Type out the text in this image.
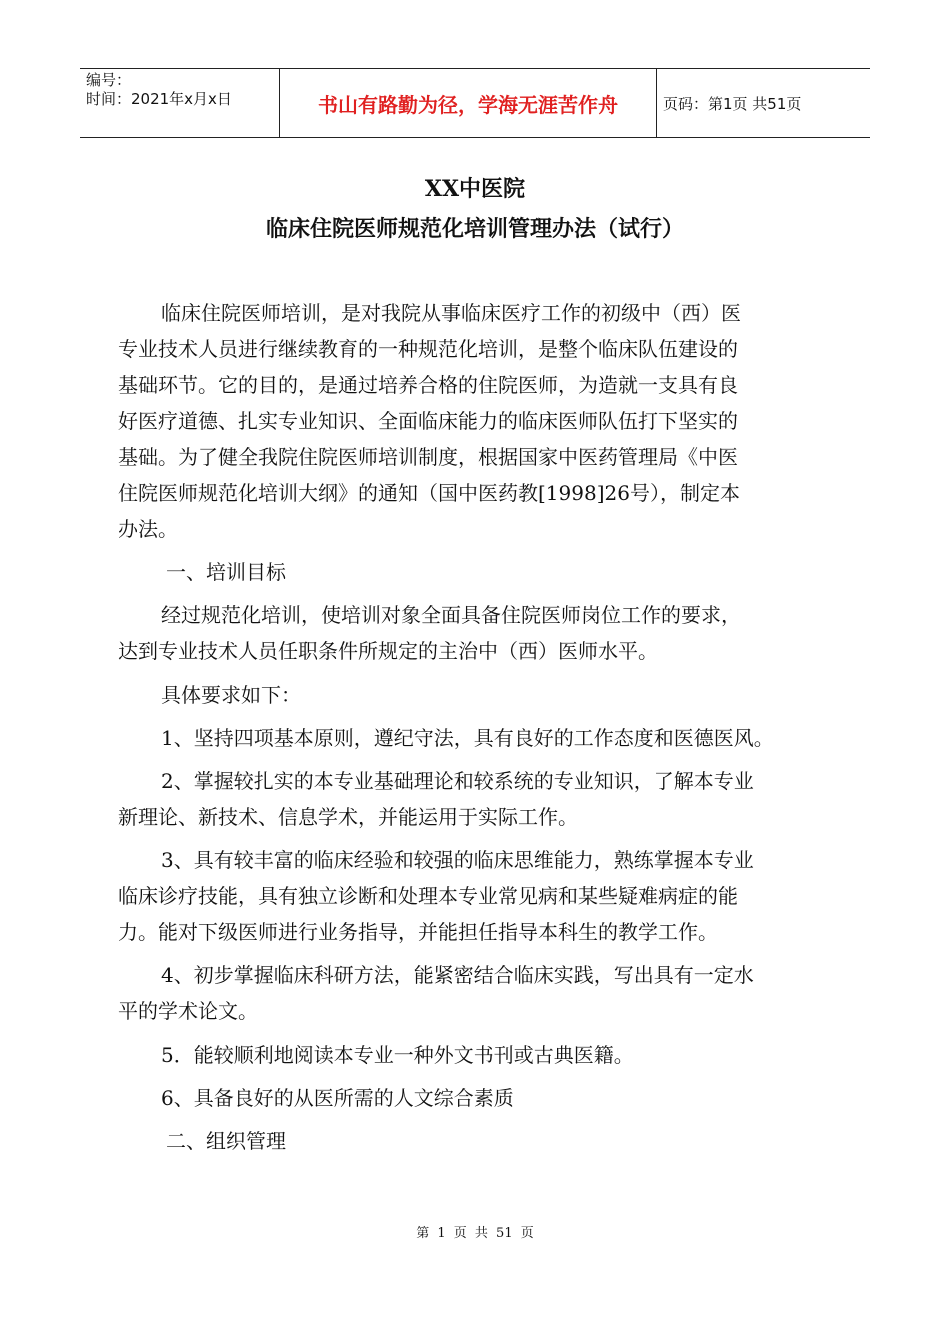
编号：
时间：2021年x月x日	书山有路勤为径，学海无涯苦作舟	页码：第1页 共51页
XX中医院
临床住院医师规范化培训管理办法（试行）
临床住院医师培训，是对我院从事临床医疗工作的初级中（西）医
专业技术人员进行继续教育的一种规范化培训，是整个临床队伍建设的
基础环节。它的目的，是通过培养合格的住院医师，为造就一支具有良
好医疗道德、扎实专业知识、全面临床能力的临床医师队伍打下坚实的
基础。为了健全我院住院医师培训制度，根据国家中医药管理局《中医
住院医师规范化培训大纲》的通知（国中医药教[1998]26号），制定本
办法。
一、培训目标
经过规范化培训，使培训对象全面具备住院医师岗位工作的要求，
达到专业技术人员任职条件所规定的主治中（西）医师水平。
具体要求如下：
1、坚持四项基本原则，遵纪守法，具有良好的工作态度和医德医风。
2、掌握较扎实的本专业基础理论和较系统的专业知识，了解本专业
新理论、新技术、信息学术，并能运用于实际工作。
3、具有较丰富的临床经验和较强的临床思维能力，熟练掌握本专业
临床诊疗技能，具有独立诊断和处理本专业常见病和某些疑难病症的能
力。能对下级医师进行业务指导，并能担任指导本科生的教学工作。
4、初步掌握临床科研方法，能紧密结合临床实践，写出具有一定水
平的学术论文。
5．能较顺利地阅读本专业一种外文书刊或古典医籍。
6、具备良好的从医所需的人文综合素质
二、组织管理
第 1 页 共 51 页
